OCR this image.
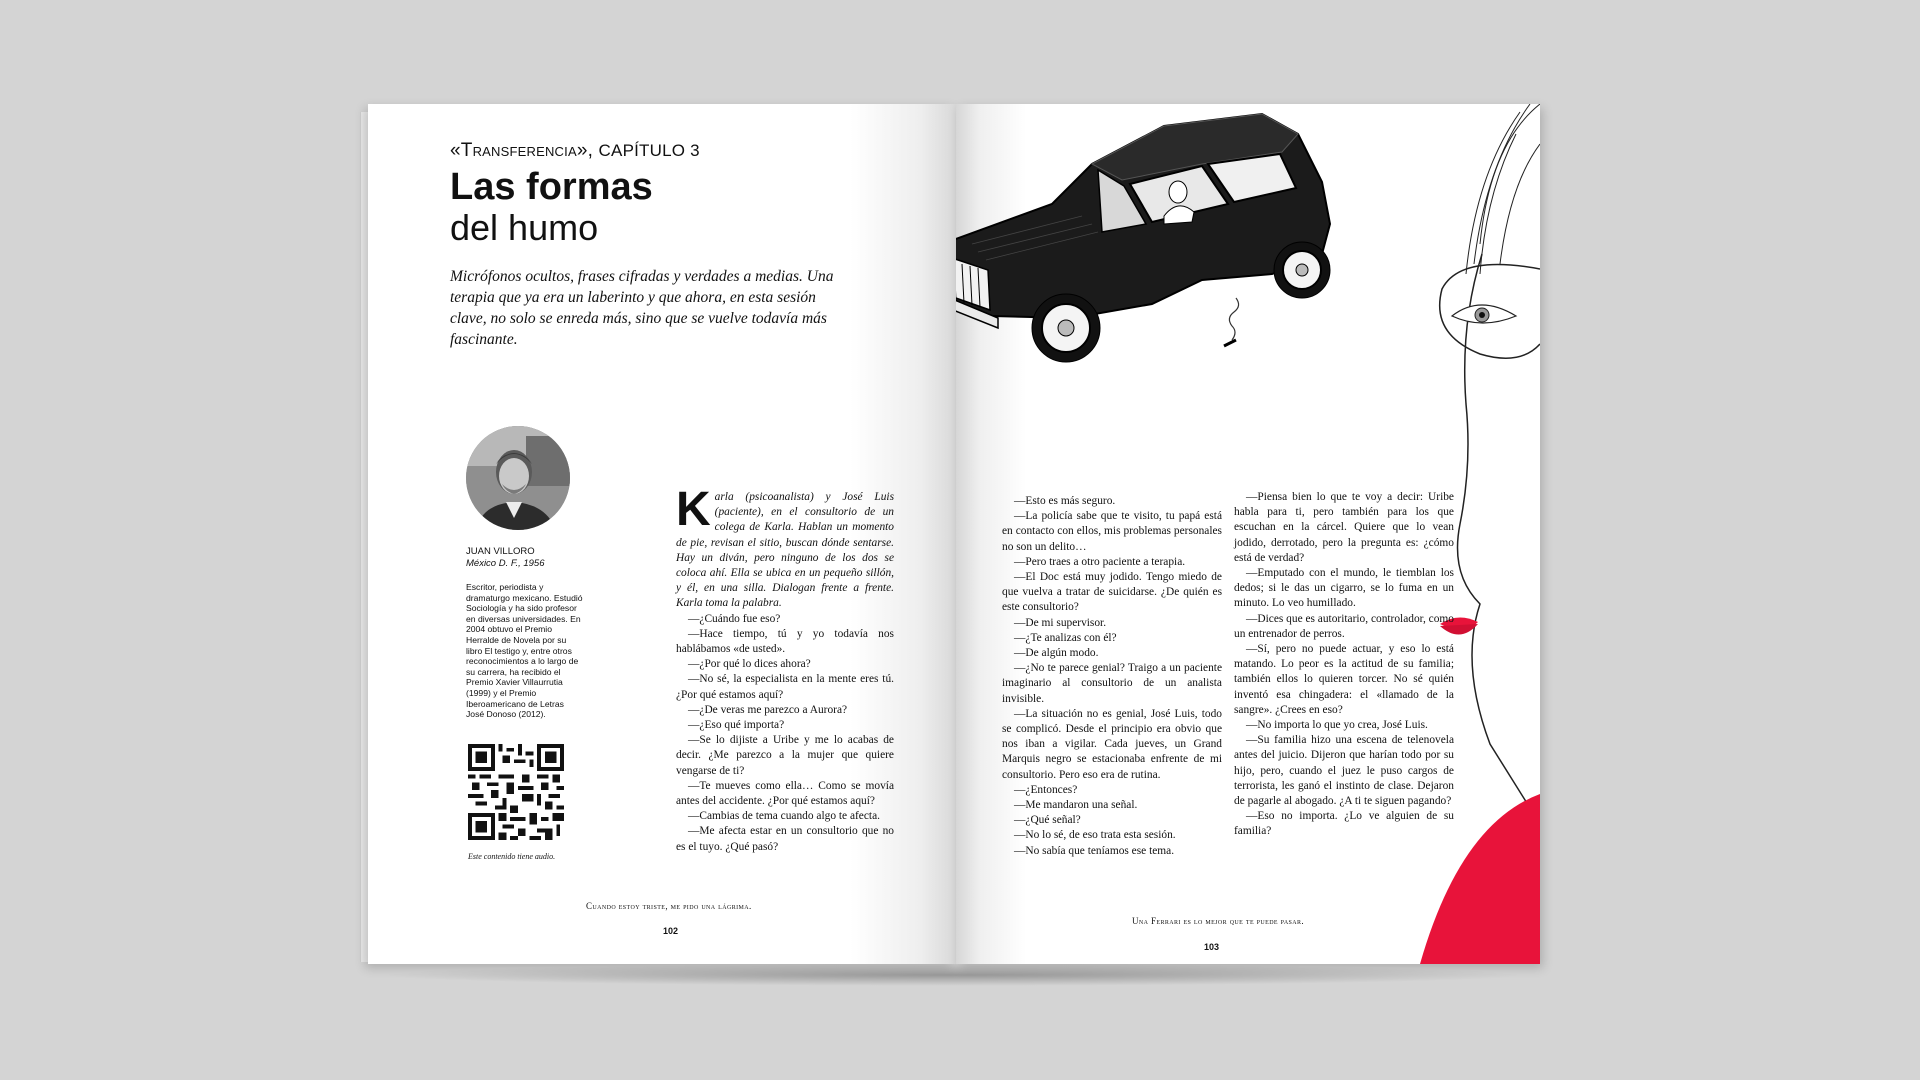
«Transferencia», CAPÍTULO 3
Las formas
del humo
Micrófonos ocultos, frases cifradas y verdades a medias. Una terapia que ya era un laberinto y que ahora, en esta sesión clave, no solo se enreda más, sino que se vuelve todavía más fascinante.
JUAN VILLORO
México D. F., 1956
Escritor, periodista y dramaturgo mexicano. Estudió Sociología y ha sido profesor en diversas universidades. En 2004 obtuvo el Premio Herralde de Novela por su libro El testigo y, entre otros reconocimientos a lo largo de su carrera, ha recibido el Premio Xavier Villaurrutia (1999) y el Premio Iberoamericano de Letras José Donoso (2012).
Este contenido tiene audio.
K arla (psicoanalista) y José Luis (paciente), en el consultorio de un colega de Karla. Hablan un momento de pie, revisan el sitio, buscan dónde sentarse. Hay un diván, pero ninguno de los dos se coloca ahí. Ella se ubica en un pequeño sillón, y él, en una silla. Dialogan frente a frente. Karla toma la palabra.

—¿Cuándo fue eso?

—Hace tiempo, tú y yo todavía nos hablábamos «de usted».

—¿Por qué lo dices ahora?

—No sé, la especialista en la mente eres tú. ¿Por qué estamos aquí?

—¿De veras me parezco a Aurora?

—¿Eso qué importa?

—Se lo dijiste a Uribe y me lo acabas de decir. ¿Me parezco a la mujer que quiere vengarse de ti?

—Te mueves como ella… Como se movía antes del accidente. ¿Por qué estamos aquí?

—Cambias de tema cuando algo te afecta.

—Me afecta estar en un consultorio que no es el tuyo. ¿Qué pasó?

Cuando estoy triste, me pido una lágrima.
102

—Esto es más seguro.

—La policía sabe que te visito, tu papá está en contacto con ellos, mis problemas personales no son un delito…

—Pero traes a otro paciente a terapia.

—El Doc está muy jodido. Tengo miedo de que vuelva a tratar de suicidarse. ¿De quién es este consultorio?

—De mi supervisor.

—¿Te analizas con él?

—De algún modo.

—¿No te parece genial? Traigo a un paciente imaginario al consultorio de un analista invisible.

—La situación no es genial, José Luis, todo se complicó. Desde el principio era obvio que nos iban a vigilar. Cada jueves, un Grand Marquis negro se estacionaba enfrente de mi consultorio. Pero eso era de rutina.

—¿Entonces?

—Me mandaron una señal.

—¿Qué señal?

—No lo sé, de eso trata esta sesión.

—No sabía que teníamos ese tema.

—Piensa bien lo que te voy a decir: Uribe habla para ti, pero también para los que escuchan en la cárcel. Quiere que lo vean jodido, derrotado, pero la pregunta es: ¿cómo está de verdad?

—Emputado con el mundo, le tiemblan los dedos; si le das un cigarro, se lo fuma en un minuto. Lo veo humillado.

—Dices que es autoritario, controlador, como un entrenador de perros.

—Sí, pero no puede actuar, y eso lo está matando. Lo peor es la actitud de su familia; también ellos lo quieren torcer. No sé quién inventó esa chingadera: el «llamado de la sangre». ¿Crees en eso?

—No importa lo que yo crea, José Luis.

—Su familia hizo una escena de telenovela antes del juicio. Dijeron que harían todo por su hijo, pero, cuando el juez le puso cargos de terrorista, les ganó el instinto de clase. Dejaron de pagarle al abogado. ¿A ti te siguen pagando?

—Eso no importa. ¿Lo ve alguien de su familia?

Una Ferrari es lo mejor que te puede pasar.
103
